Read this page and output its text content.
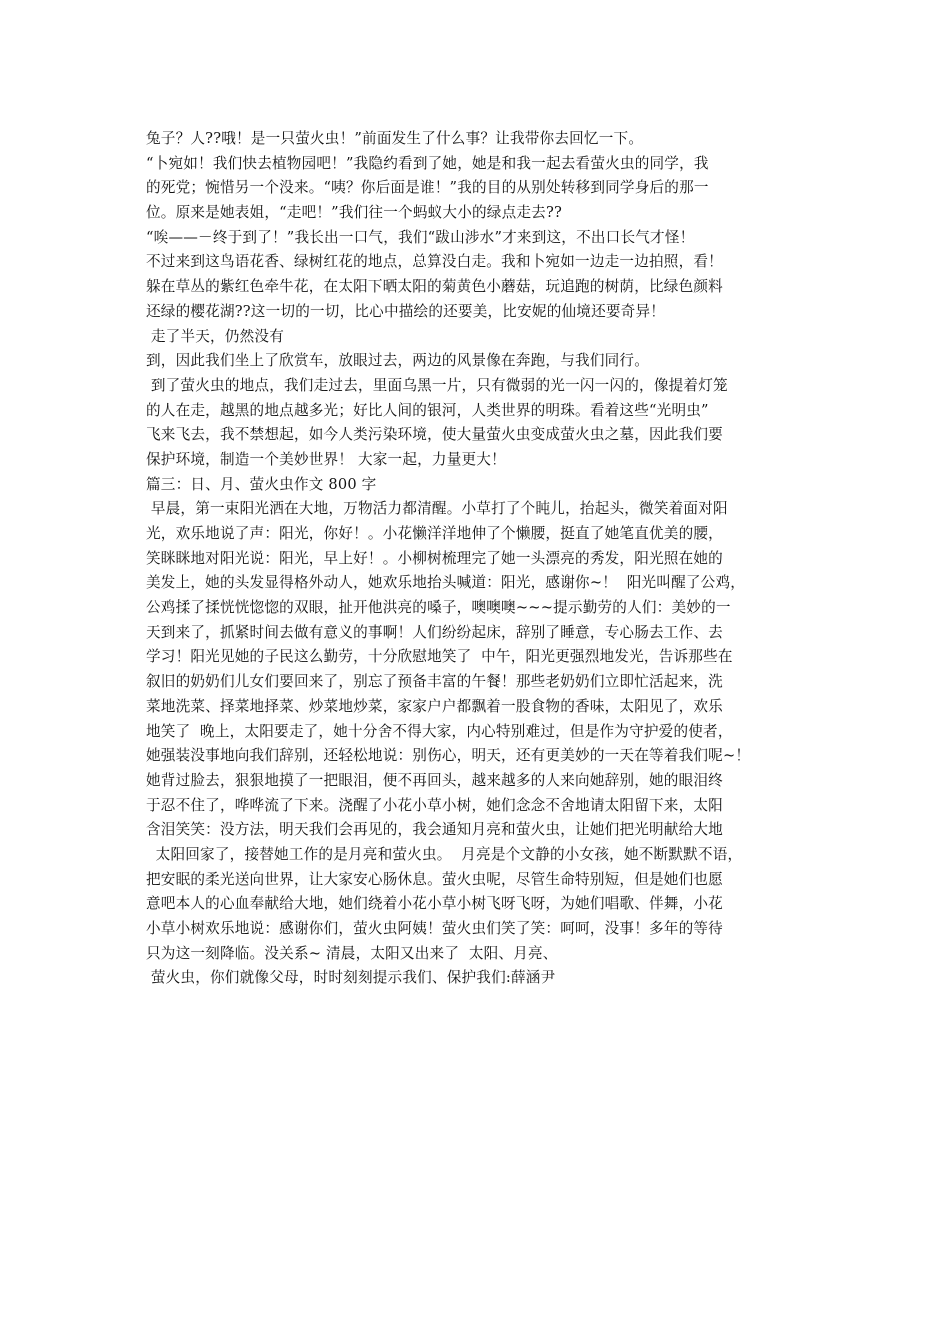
兔子？人??哦！是一只萤火虫！”前面发生了什么事？让我带你去回忆一下。
“卜宛如！我们快去植物园吧！”我隐约看到了她，她是和我一起去看萤火虫的同学，我
的死党；惋惜另一个没来。“咦？你后面是谁！”我的目的从别处转移到同学身后的那一
位。原来是她表姐，“走吧！”我们往一个蚂蚁大小的绿点走去??
“唉——－终于到了！”我长出一口气，我们“跋山涉水”才来到这，不出口长气才怪！
不过来到这鸟语花香、绿树红花的地点，总算没白走。我和卜宛如一边走一边拍照，看！
躲在草丛的紫红色牵牛花，在太阳下晒太阳的菊黄色小蘑菇，玩追跑的树荫，比绿色颜料
还绿的樱花湖??这一切的一切，比心中描绘的还要美，比安妮的仙境还要奇异！
走了半天，仍然没有
到，因此我们坐上了欣赏车，放眼过去，两边的风景像在奔跑，与我们同行。
到了萤火虫的地点，我们走过去，里面乌黑一片，只有微弱的光一闪一闪的，像提着灯笼
的人在走，越黑的地点越多光；好比人间的银河，人类世界的明珠。看着这些“光明虫”
飞来飞去，我不禁想起，如今人类污染环境，使大量萤火虫变成萤火虫之墓，因此我们要
保护环境，制造一个美妙世界！ 大家一起，力量更大！
篇三：日、月、萤火虫作文 800 字
早晨，第一束阳光洒在大地，万物活力都清醒。小草打了个盹儿，抬起头，微笑着面对阳
光，欢乐地说了声：阳光，你好！。小花懒洋洋地伸了个懒腰，挺直了她笔直优美的腰，
笑眯眯地对阳光说：阳光，早上好！。小柳树梳理完了她一头漂亮的秀发，阳光照在她的
美发上，她的头发显得格外动人，她欢乐地抬头喊道：阳光，感谢你~！  阳光叫醒了公鸡，
公鸡揉了揉恍恍惚惚的双眼，扯开他洪亮的嗓子，噢噢噢~~~提示勤劳的人们：美妙的一
天到来了，抓紧时间去做有意义的事啊！人们纷纷起床，辞别了睡意，专心肠去工作、去
学习！阳光见她的子民这么勤劳，十分欣慰地笑了  中午，阳光更强烈地发光，告诉那些在
叙旧的奶奶们儿女们要回来了，别忘了预备丰富的午餐！那些老奶奶们立即忙活起来，洗
菜地洗菜、择菜地择菜、炒菜地炒菜，家家户户都飘着一股食物的香味，太阳见了，欢乐
地笑了  晚上，太阳要走了，她十分舍不得大家，内心特别难过，但是作为守护爱的使者，
她强装没事地向我们辞别，还轻松地说：别伤心，明天，还有更美妙的一天在等着我们呢~！
她背过脸去，狠狠地摸了一把眼泪，便不再回头，越来越多的人来向她辞别，她的眼泪终
于忍不住了，哗哗流了下来。浇醒了小花小草小树，她们念念不舍地请太阳留下来，太阳
含泪笑笑：没方法，明天我们会再见的，我会通知月亮和萤火虫，让她们把光明献给大地
太阳回家了，接替她工作的是月亮和萤火虫。  月亮是个文静的小女孩，她不断默默不语，
把安眠的柔光送向世界，让大家安心肠休息。萤火虫呢，尽管生命特别短，但是她们也愿
意吧本人的心血奉献给大地，她们绕着小花小草小树飞呀飞呀，为她们唱歌、伴舞，小花
小草小树欢乐地说：感谢你们，萤火虫阿姨！萤火虫们笑了笑：呵呵，没事！多年的等待
只为这一刻降临。没关系~ 清晨，太阳又出来了  太阳、月亮、
萤火虫，你们就像父母，时时刻刻提示我们、保护我们:薛涵尹
